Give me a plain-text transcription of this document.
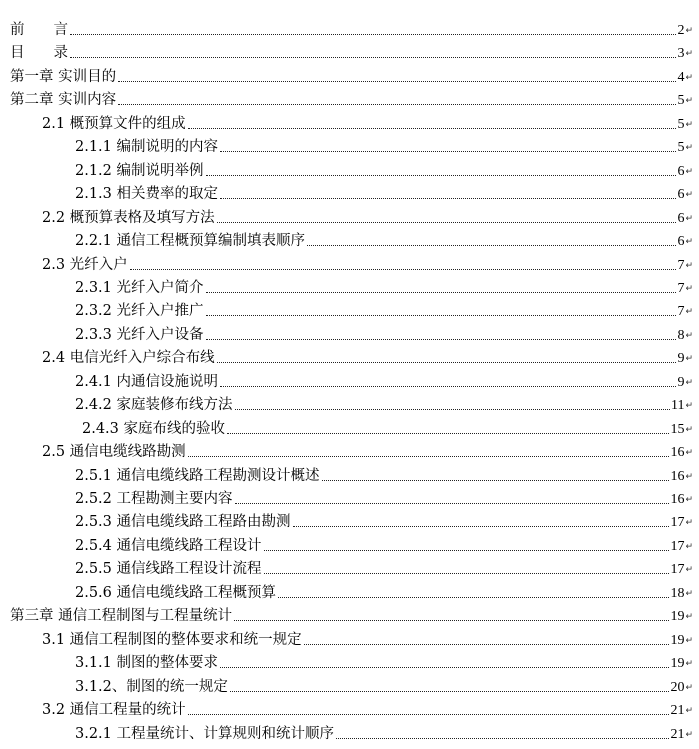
前　　言	2 ↵
目　　录	3 ↵
第一章 实训目的	4 ↵
第二章 实训内容	5 ↵
2.1 概预算文件的组成	5 ↵
2.1.1 编制说明的内容	5 ↵
2.1.2 编制说明举例	6 ↵
2.1.3 相关费率的取定	6 ↵
2.2 概预算表格及填写方法	6 ↵
2.2.1 通信工程概预算编制填表顺序	6 ↵
2.3 光纤入户	7 ↵
2.3.1 光纤入户简介	7 ↵
2.3.2 光纤入户推广	7 ↵
2.3.3 光纤入户设备	8 ↵
2.4 电信光纤入户综合布线	9 ↵
2.4.1 内通信设施说明	9 ↵
2.4.2 家庭装修布线方法	11 ↵
2.4.3 家庭布线的验收	15 ↵
2.5 通信电缆线路勘测	16 ↵
2.5.1 通信电缆线路工程勘测设计概述	16 ↵
2.5.2 工程勘测主要内容	16 ↵
2.5.3 通信电缆线路工程路由勘测	17 ↵
2.5.4 通信电缆线路工程设计	17 ↵
2.5.5 通信线路工程设计流程	17 ↵
2.5.6 通信电缆线路工程概预算	18 ↵
第三章 通信工程制图与工程量统计	19 ↵
3.1 通信工程制图的整体要求和统一规定	19 ↵
3.1.1 制图的整体要求	19 ↵
3.1.2、制图的统一规定	20 ↵
3.2 通信工程量的统计	21 ↵
3.2.1 工程量统计、计算规则和统计顺序	21 ↵
